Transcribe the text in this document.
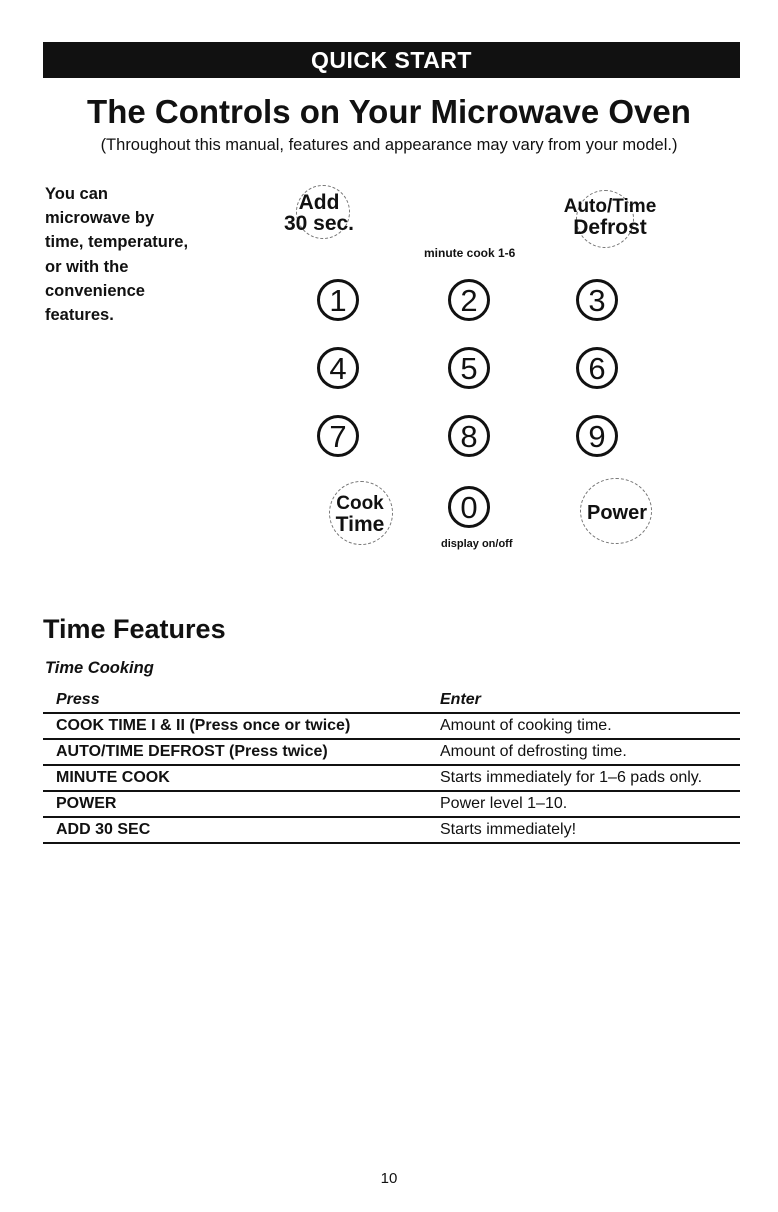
QUICK START
The Controls on Your Microwave Oven
(Throughout this manual, features and appearance may vary from your model.)

You can
microwave by
time, temperature,
or with the
convenience
features.

Add
30 sec.
Auto/Time
Defrost
minute cook 1-6
1	2	3
4	5	6
7	8	9
Cook
Time	0
display on/off
Power
Time Features
Time Cooking
Press	Enter
COOK TIME I & II (Press once or twice)	Amount of cooking time.
AUTO/TIME DEFROST (Press twice)	Amount of defrosting time.
MINUTE COOK	Starts immediately for 1–6 pads only.
POWER	Power level 1–10.
ADD 30 SEC	Starts immediately!
10
